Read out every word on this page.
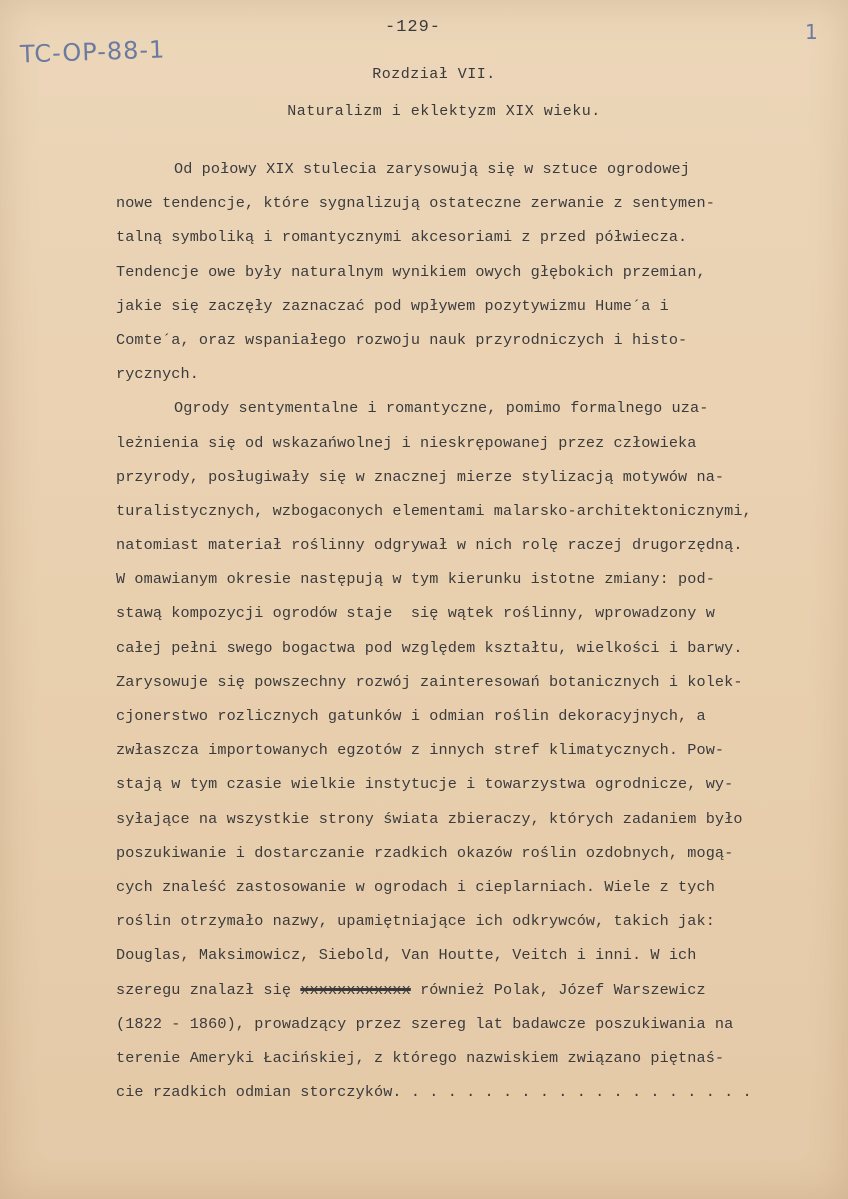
TC-OP-88-1
1
-129-
Rozdział VII.
Naturalizm i eklektyzm XIX wieku.
Od połowy XIX stulecia zarysowują się w sztuce ogrodowej
nowe tendencje, które sygnalizują ostateczne zerwanie z sentymen-
talną symboliką i romantycznymi akcesoriami z przed półwiecza.
Tendencje owe były naturalnym wynikiem owych głębokich przemian,
jakie się zaczęły zaznaczać pod wpływem pozytywizmu Hume´a i
Comte´a, oraz wspaniałego rozwoju nauk przyrodniczych i histo-
rycznych.
Ogrody sentymentalne i romantyczne, pomimo formalnego uza-
leżnienia się od wskazańwolnej i nieskrępowanej przez człowieka
przyrody, posługiwały się w znacznej mierze stylizacją motywów na-
turalistycznych, wzbogaconych elementami malarsko-architektonicznymi,
natomiast materiał roślinny odgrywał w nich rolę raczej drugorzędną.
W omawianym okresie następują w tym kierunku istotne zmiany: pod-
stawą kompozycji ogrodów staje  się wątek roślinny, wprowadzony w
całej pełni swego bogactwa pod względem kształtu, wielkości i barwy.
Zarysowuje się powszechny rozwój zainteresowań botanicznych i kolek-
cjonerstwo rozlicznych gatunków i odmian roślin dekoracyjnych, a
zwłaszcza importowanych egzotów z innych stref klimatycznych. Pow-
stają w tym czasie wielkie instytucje i towarzystwa ogrodnicze, wy-
syłające na wszystkie strony świata zbieraczy, których zadaniem było
poszukiwanie i dostarczanie rzadkich okazów roślin ozdobnych, mogą-
cych znaleść zastosowanie w ogrodach i cieplarniach. Wiele z tych
roślin otrzymało nazwy, upamiętniające ich odkrywców, takich jak:
Douglas, Maksimowicz, Siebold, Van Houtte, Veitch i inni. W ich
szeregu znalazł się xxxxxxxxxxxx również Polak, Józef Warszewicz
(1822 - 1860), prowadzący przez szereg lat badawcze poszukiwania na
terenie Ameryki Łacińskiej, z którego nazwiskiem związano piętnaś-
cie rzadkich odmian storczyków. . . . . . . . . . . . . . . . . . . .
